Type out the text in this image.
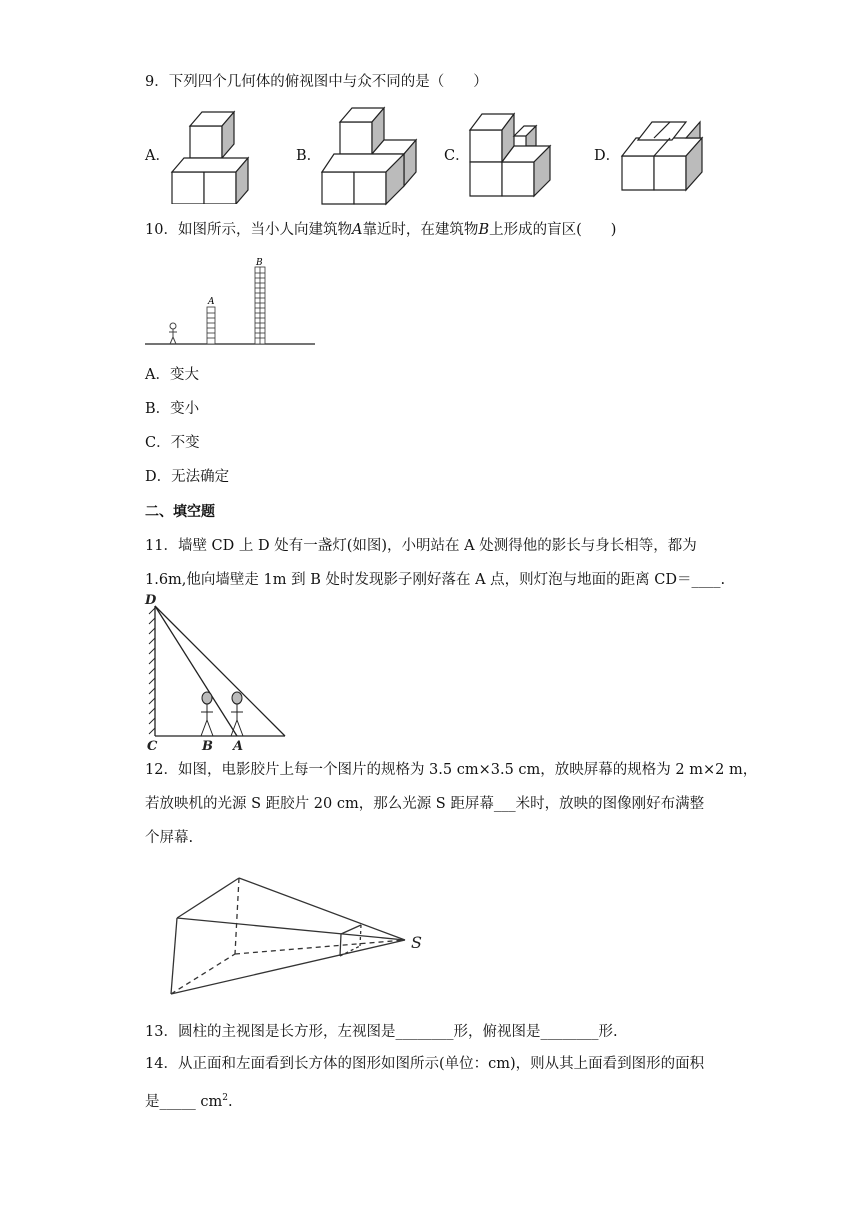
9．下列四个几何体的俯视图中与众不同的是（　　）
A．	B．	C．	D．
10．如图所示，当小人向建筑物A靠近时，在建筑物B上形成的盲区(　　)
A
B
A．变大
B．变小
C．不变
D．无法确定
二、填空题
11．墙壁 CD 上 D 处有一盏灯(如图)，小明站在 A 处测得他的影长与身长相等，都为
1.6m,他向墙壁走 1m 到 B 处时发现影子刚好落在 A 点，则灯泡与地面的距离 CD＝____.
D
C	B A
12．如图，电影胶片上每一个图片的规格为 3.5 cm×3.5 cm，放映屏幕的规格为 2 m×2 m，
若放映机的光源 S 距胶片 20 cm，那么光源 S 距屏幕___米时，放映的图像刚好布满整
个屏幕.
S
13．圆柱的主视图是长方形，左视图是________形，俯视图是________形.
14．从正面和左面看到长方体的图形如图所示(单位：cm)，则从其上面看到图形的面积
是_____ $cm^2$.
